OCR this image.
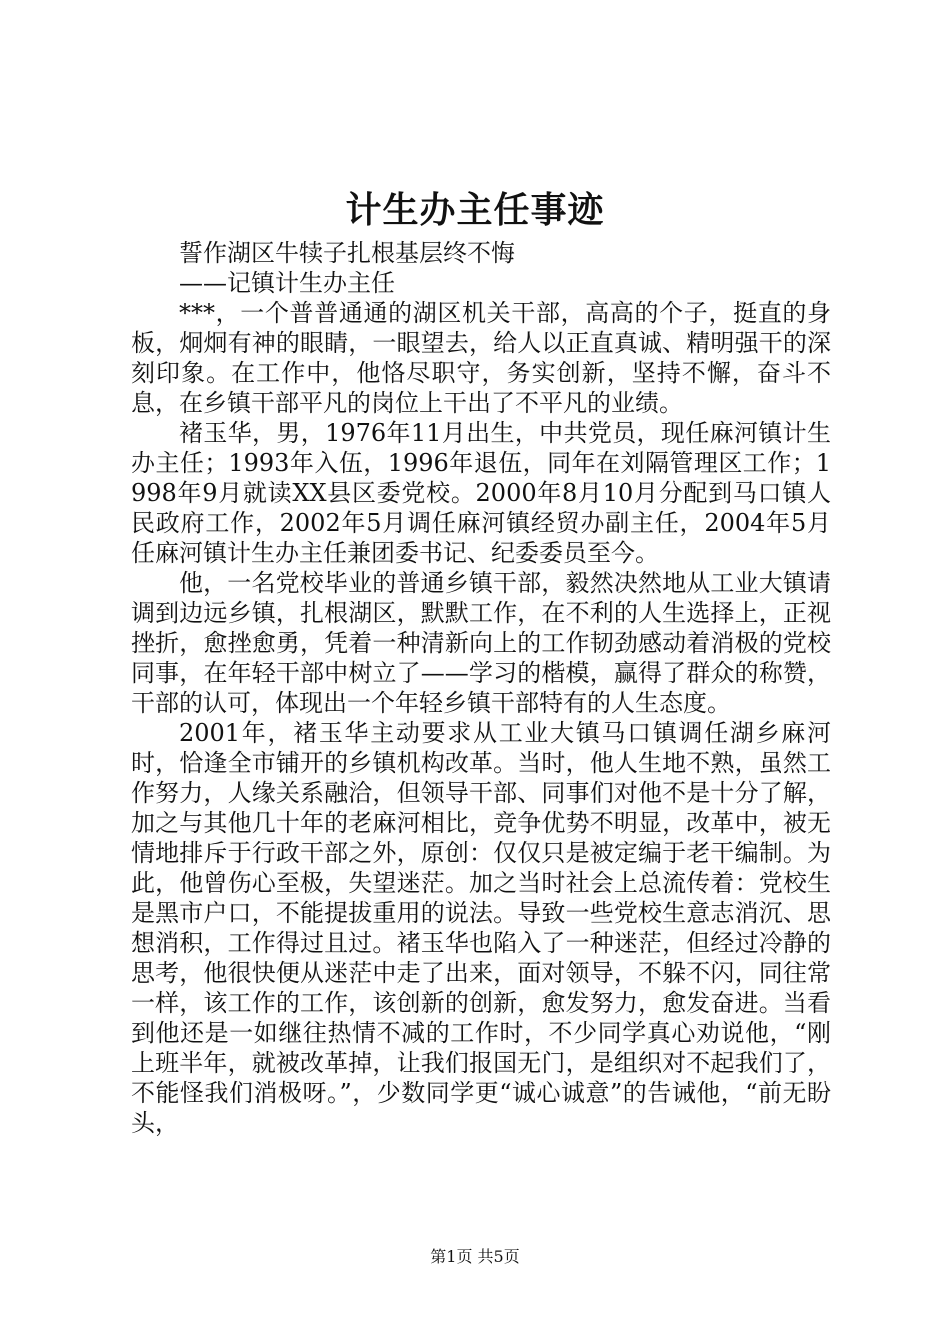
计生办主任事迹

誓作湖区牛犊子扎根基层终不悔

——记镇计生办主任

***，一个普普通通的湖区机关干部，高高的个子，挺直的身板，炯炯有神的眼睛，一眼望去，给人以正直真诚、精明强干的深刻印象。在工作中，他恪尽职守，务实创新，坚持不懈，奋斗不息，在乡镇干部平凡的岗位上干出了不平凡的业绩。

褚玉华，男，1976年11月出生，中共党员，现任麻河镇计生办主任；1993年入伍，1996年退伍，同年在刘隔管理区工作；1998年9月就读XX县区委党校。2000年8月10月分配到马口镇人民政府工作，2002年5月调任麻河镇经贸办副主任，2004年5月任麻河镇计生办主任兼团委书记、纪委委员至今。

他，一名党校毕业的普通乡镇干部，毅然决然地从工业大镇请调到边远乡镇，扎根湖区，默默工作，在不利的人生选择上，正视挫折，愈挫愈勇，凭着一种清新向上的工作韧劲感动着消极的党校同事，在年轻干部中树立了——学习的楷模，赢得了群众的称赞，干部的认可，体现出一个年轻乡镇干部特有的人生态度。

2001年，褚玉华主动要求从工业大镇马口镇调任湖乡麻河时，恰逢全市铺开的乡镇机构改革。当时，他人生地不熟，虽然工作努力，人缘关系融洽，但领导干部、同事们对他不是十分了解，加之与其他几十年的老麻河相比，竞争优势不明显，改革中，被无情地排斥于行政干部之外，原创：仅仅只是被定编于老干编制。为此，他曾伤心至极，失望迷茫。加之当时社会上总流传着：党校生是黑市户口，不能提拔重用的说法。导致一些党校生意志消沉、思想消积，工作得过且过。褚玉华也陷入了一种迷茫，但经过冷静的思考，他很快便从迷茫中走了出来，面对领导，不躲不闪，同往常一样，该工作的工作，该创新的创新，愈发努力，愈发奋进。当看到他还是一如继往热情不减的工作时，不少同学真心劝说他，“刚上班半年，就被改革掉，让我们报国无门，是组织对不起我们了，不能怪我们消极呀。”，少数同学更“诚心诚意”的告诫他，“前无盼头，

第1页 共5页
